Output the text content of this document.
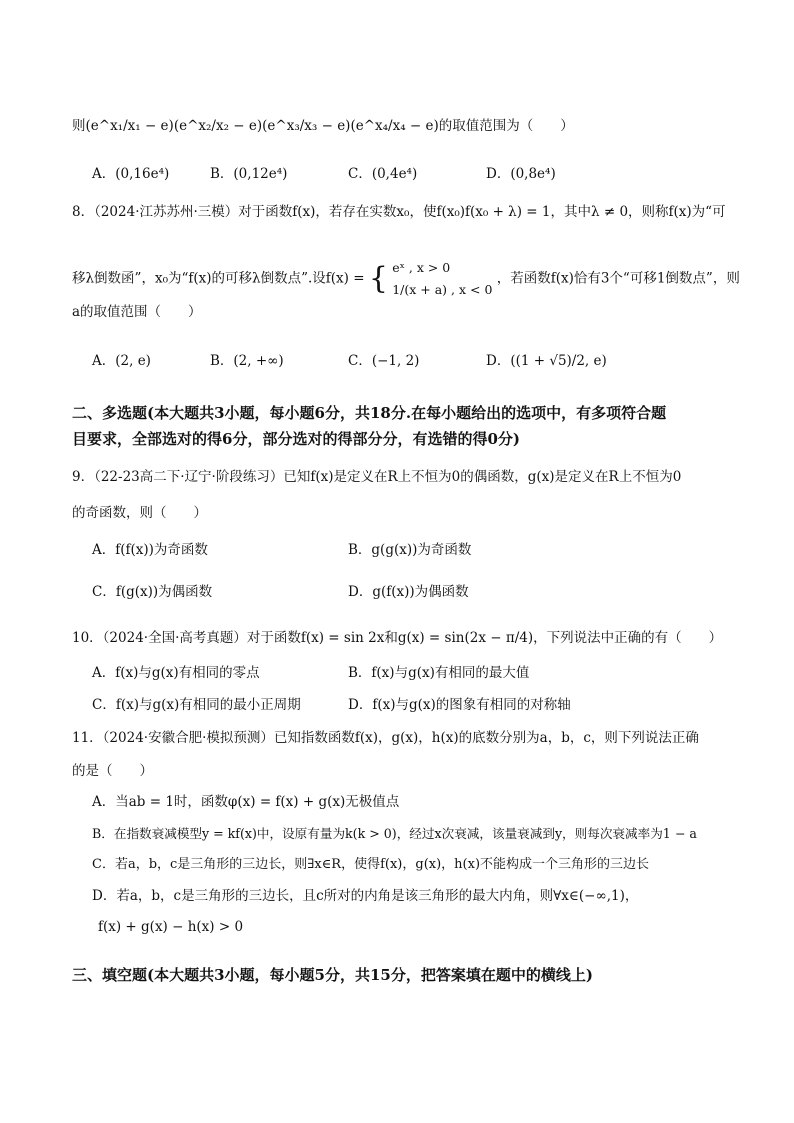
则(e^x₁/x₁ − e)(e^x₂/x₂ − e)(e^x₃/x₃ − e)(e^x₄/x₄ − e)的取值范围为（　　）
A．(0,16e⁴)	B．(0,12e⁴)	C．(0,4e⁴)	D．(0,8e⁴)
8．（2024·江苏苏州·三模）对于函数f(x)，若存在实数x₀，使f(x₀)f(x₀ + λ) = 1，其中λ ≠ 0，则称f(x)为“可
移λ倒数函”，x₀为“f(x)的可移λ倒数点”.设f(x) = { eˣ , x > 0
1/(x + a) , x < 0
，若函数f(x)恰有3个“可移1倒数点”，则
a的取值范围（　　）
A．(2, e)	B．(2, +∞)	C．(−1, 2)	D．((1 + √5)/2, e)
二、多选题(本大题共3小题，每小题6分，共18分.在每小题给出的选项中，有多项符合题
目要求，全部选对的得6分，部分选对的得部分分，有选错的得0分)
9．（22-23高二下·辽宁·阶段练习）已知f(x)是定义在R上不恒为0的偶函数，g(x)是定义在R上不恒为0
的奇函数，则（　　）
A．f(f(x))为奇函数	B．g(g(x))为奇函数
C．f(g(x))为偶函数	D．g(f(x))为偶函数
10．（2024·全国·高考真题）对于函数f(x) = sin 2x和g(x) = sin(2x − π/4)，下列说法中正确的有（　　）
A．f(x)与g(x)有相同的零点	B．f(x)与g(x)有相同的最大值
C．f(x)与g(x)有相同的最小正周期	D．f(x)与g(x)的图象有相同的对称轴
11．（2024·安徽合肥·模拟预测）已知指数函数f(x)，g(x)，h(x)的底数分别为a，b，c，则下列说法正确
的是（　　）
A．当ab = 1时，函数φ(x) = f(x) + g(x)无极值点
B．在指数衰减模型y = kf(x)中，设原有量为k(k > 0)，经过x次衰减，该量衰减到y，则每次衰减率为1 − a
C．若a，b，c是三角形的三边长，则∃x∈R，使得f(x)，g(x)，h(x)不能构成一个三角形的三边长
D．若a，b，c是三角形的三边长，且c所对的内角是该三角形的最大内角，则∀x∈(−∞,1)，
f(x) + g(x) − h(x) > 0
三、填空题(本大题共3小题，每小题5分，共15分，把答案填在题中的横线上)
